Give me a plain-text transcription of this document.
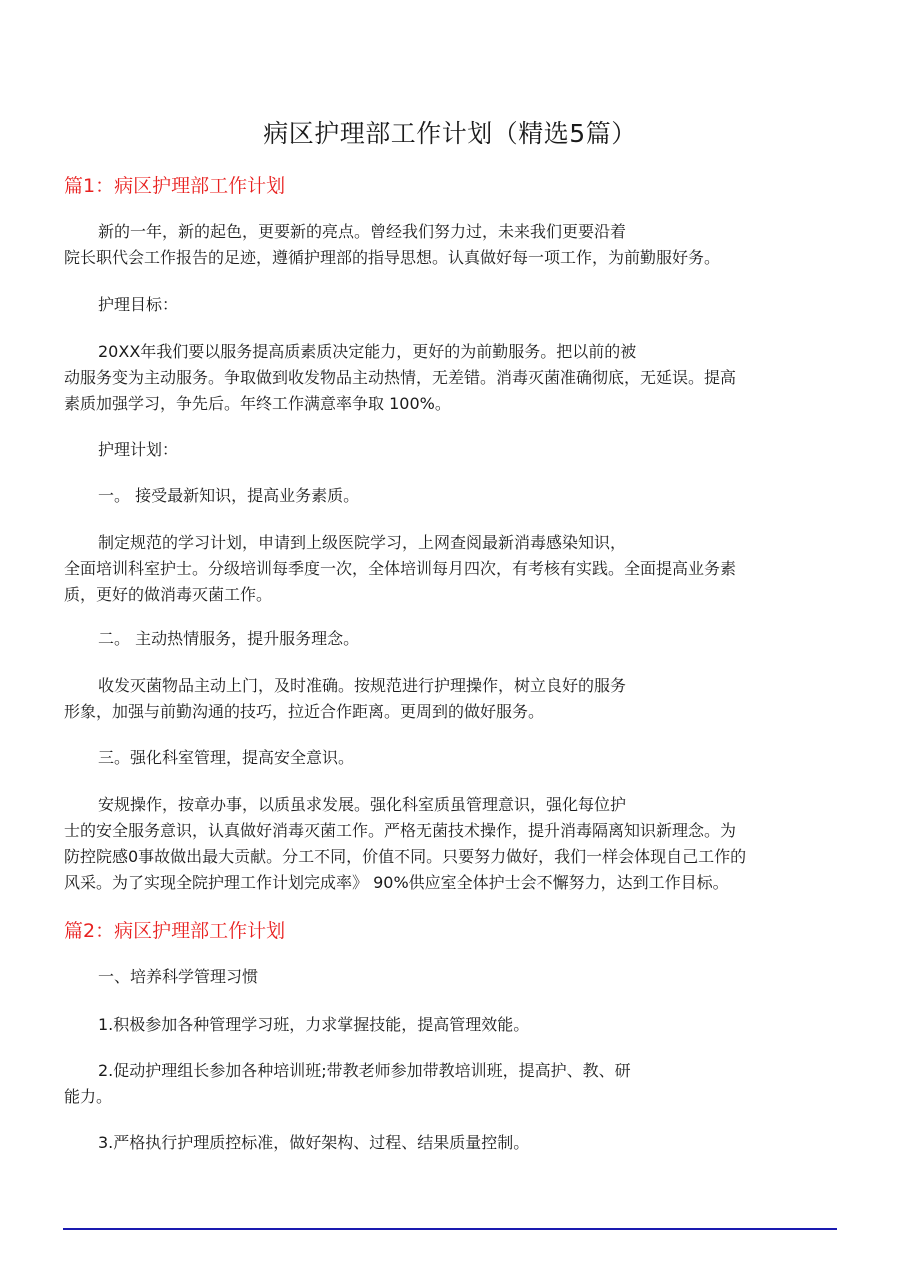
病区护理部工作计划（精选5篇）
篇1：病区护理部工作计划
新的一年，新的起色，更要新的亮点。曾经我们努力过，未来我们更要沿着
院长职代会工作报告的足迹，遵循护理部的指导思想。认真做好每一项工作，为前勤服好务。
护理目标：
20XX年我们要以服务提高质素质决定能力，更好的为前勤服务。把以前的被
动服务变为主动服务。争取做到收发物品主动热情，无差错。消毒灭菌准确彻底，无延误。提高
素质加强学习，争先后。年终工作满意率争取 100%。
护理计划：
一。 接受最新知识，提高业务素质。
制定规范的学习计划，申请到上级医院学习，上网查阅最新消毒感染知识，
全面培训科室护士。分级培训每季度一次，全体培训每月四次，有考核有实践。全面提高业务素
质，更好的做消毒灭菌工作。
二。 主动热情服务，提升服务理念。
收发灭菌物品主动上门，及时准确。按规范进行护理操作，树立良好的服务
形象，加强与前勤沟通的技巧，拉近合作距离。更周到的做好服务。
三。强化科室管理，提高安全意识。
安规操作，按章办事，以质虽求发展。强化科室质虽管理意识，强化每位护
士的安全服务意识，认真做好消毒灭菌工作。严格无菌技术操作，提升消毒隔离知识新理念。为
防控院感0事故做出最大贡献。分工不同，价值不同。只要努力做好，我们一样会体现自己工作的
风采。为了实现全院护理工作计划完成率》 90%供应室全体护士会不懈努力，达到工作目标。
篇2：病区护理部工作计划
一、培养科学管理习惯
1.积极参加各种管理学习班，力求掌握技能，提高管理效能。
2.促动护理组长参加各种培训班;带教老师参加带教培训班，提高护、教、研
能力。
3.严格执行护理质控标准，做好架构、过程、结果质量控制。
